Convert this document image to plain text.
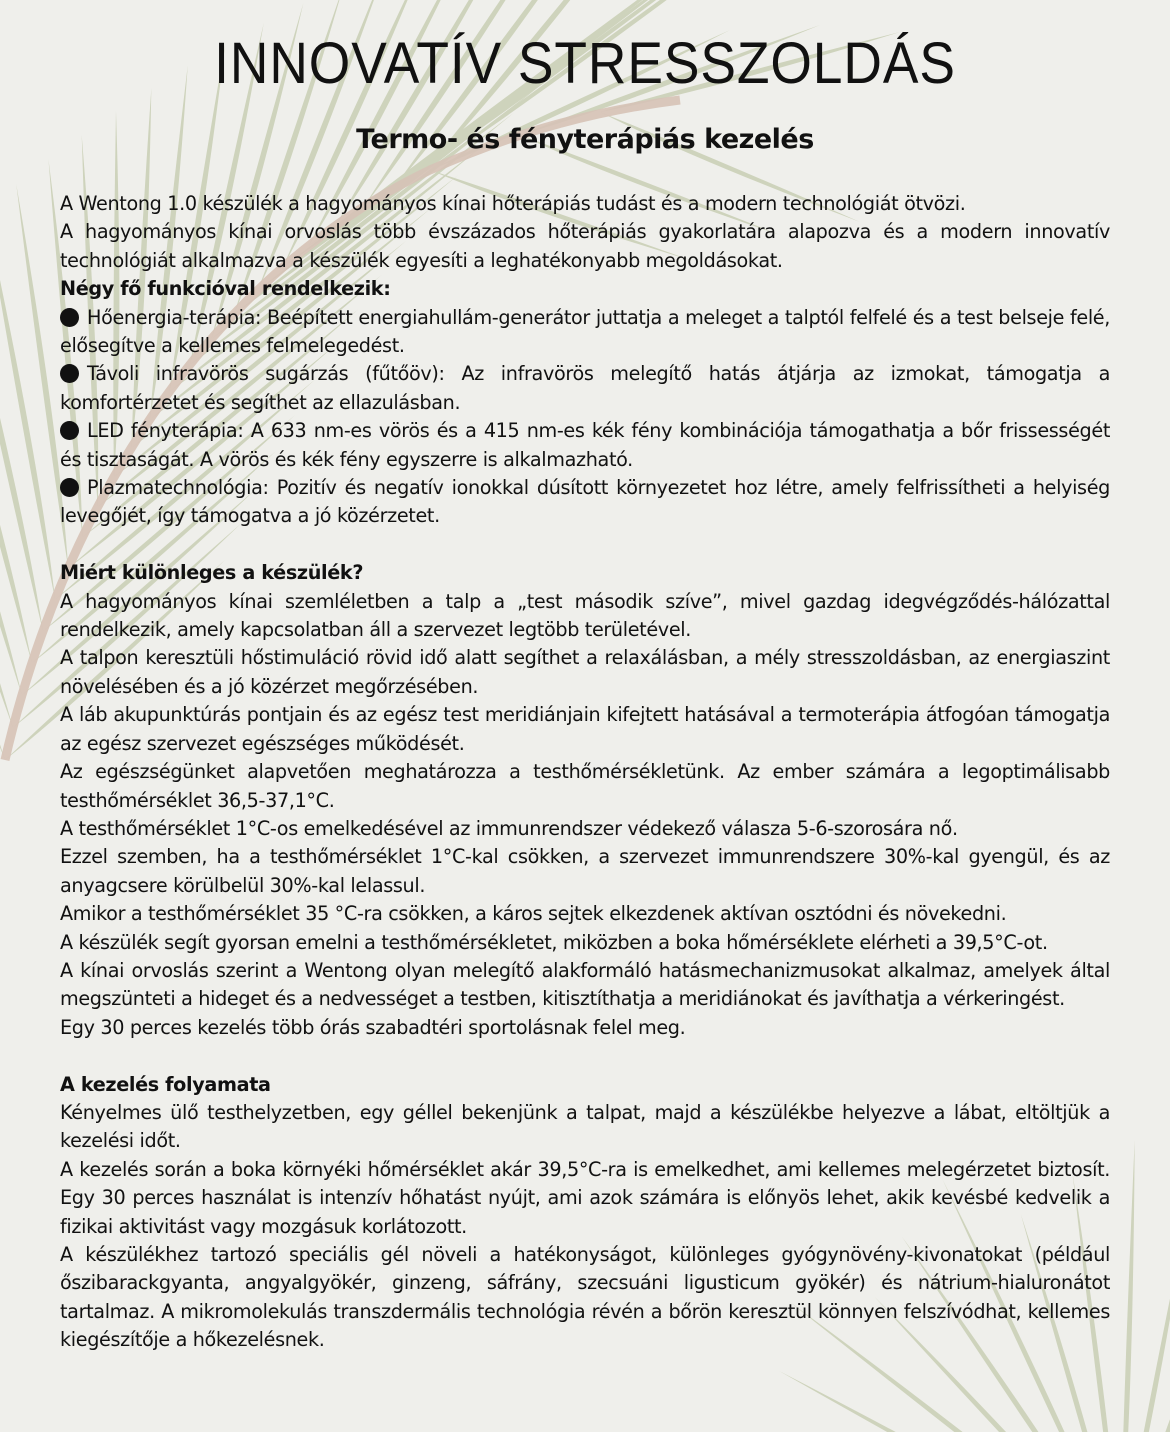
INNOVATÍV STRESSZOLDÁS
Termo- és fényterápiás kezelés

A Wentong 1.0 készülék a hagyományos kínai hőterápiás tudást és a modern technológiát ötvözi.

A hagyományos kínai orvoslás több évszázados hőterápiás gyakorlatára alapozva és a modern innovatív technológiát alkalmazva a készülék egyesíti a leghatékonyabb megoldásokat.

Négy fő funkcióval rendelkezik:

Hőenergia-terápia: Beépített energiahullám-generátor juttatja a meleget a talptól felfelé és a test belseje felé, elősegítve a kellemes felmelegedést.

Távoli infravörös sugárzás (fűtőöv): Az infravörös melegítő hatás átjárja az izmokat, támogatja a komfortérzetet és segíthet az ellazulásban.

LED fényterápia: A 633 nm-es vörös és a 415 nm-es kék fény kombinációja támogathatja a bőr frissességét és tisztaságát. A vörös és kék fény egyszerre is alkalmazható.

Plazmatechnológia: Pozitív és negatív ionokkal dúsított környezetet hoz létre, amely felfrissítheti a helyiség levegőjét, így támogatva a jó közérzetet.

Miért különleges a készülék?

A hagyományos kínai szemléletben a talp a „test második szíve”, mivel gazdag idegvégződés-hálózattal rendelkezik, amely kapcsolatban áll a szervezet legtöbb területével.

A talpon keresztüli hőstimuláció rövid idő alatt segíthet a relaxálásban, a mély stresszoldásban, az energiaszint növelésében és a jó közérzet megőrzésében.

A láb akupunktúrás pontjain és az egész test meridiánjain kifejtett hatásával a termoterápia átfogóan támogatja az egész szervezet egészséges működését.

Az egészségünket alapvetően meghatározza a testhőmérsékletünk. Az ember számára a legoptimálisabb testhőmérséklet 36,5-37,1°C.

A testhőmérséklet 1°C-os emelkedésével az immunrendszer védekező válasza 5-6-szorosára nő.

Ezzel szemben, ha a testhőmérséklet 1°C-kal csökken, a szervezet immunrendszere 30%-kal gyengül, és az anyagcsere körülbelül 30%-kal lelassul.

Amikor a testhőmérséklet 35 °C-ra csökken, a káros sejtek elkezdenek aktívan osztódni és növekedni.

A készülék segít gyorsan emelni a testhőmérsékletet, miközben a boka hőmérséklete elérheti a 39,5°C-ot.

A kínai orvoslás szerint a Wentong olyan melegítő alakformáló hatásmechanizmusokat alkalmaz, amelyek által megszünteti a hideget és a nedvességet a testben, kitisztíthatja a meridiánokat és javíthatja a vérkeringést.

Egy 30 perces kezelés több órás szabadtéri sportolásnak felel meg.

A kezelés folyamata

Kényelmes ülő testhelyzetben, egy géllel bekenjünk a talpat, majd a készülékbe helyezve a lábat, eltöltjük a kezelési időt.

A kezelés során a boka környéki hőmérséklet akár 39,5°C-ra is emelkedhet, ami kellemes melegérzetet biztosít. Egy 30 perces használat is intenzív hőhatást nyújt, ami azok számára is előnyös lehet, akik kevésbé kedvelik a fizikai aktivitást vagy mozgásuk korlátozott.

A készülékhez tartozó speciális gél növeli a hatékonyságot, különleges gyógynövény-kivonatokat (például őszibarackgyanta, angyalgyökér, ginzeng, sáfrány, szecsuáni ligusticum gyökér) és nátrium-hialuronátot tartalmaz. A mikromolekulás transzdermális technológia révén a bőrön keresztül könnyen felszívódhat, kellemes kiegészítője a hőkezelésnek.
